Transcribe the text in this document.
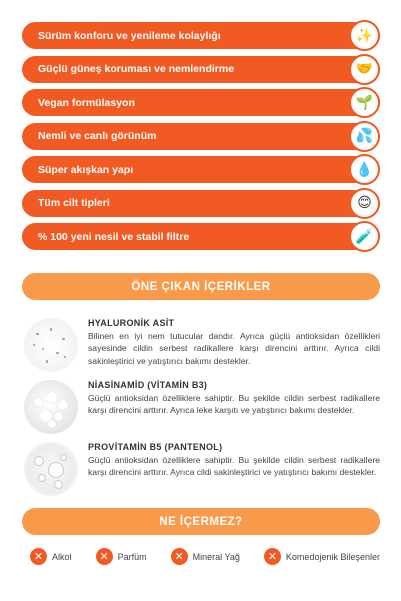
Sürüm konforu ve yenileme kolaylığı	✨
Güçlü güneş koruması ve nemlendirme	🤝
Vegan formülasyon	🌱
Nemli ve canlı görünüm	💦
Süper akışkan yapı	💧
Tüm cilt tipleri	😊
% 100 yeni nesil ve stabil filtre	🧪
ÖNE ÇIKAN İÇERİKLER
HYALURONİK ASİT
Bilinen en iyi nem tutucular dandır. Ayrıca güçlü antioksidan özellikleri sayesinde cildin serbest radikallere karşı direncini arttırır. Ayrıca cildi sakinleştirici ve yatıştırıcı bakımı destekler.
NİASİNAMİD (VİTAMİN B3)
Güçlü antioksidan özelliklere sahiptir. Bu şekilde cildin serbest radikallere karşı direncini arttırır. Ayrıca leke karşıtı ve yatıştırıcı bakımı destekler.
PROVİTAMİN B5 (PANTENOL)
Güçlü antioksidan özelliklere sahiptir. Bu şekilde cildin serbest radikallere karşı direncini arttırır. Ayrıca cildi sakinleştirici ve yatıştırıcı bakımı destekler.
NE İÇERMEZ?
✕ Alkol	✕ Parfüm	✕ Mineral Yağ	✕ Komedojenik Bileşenler
